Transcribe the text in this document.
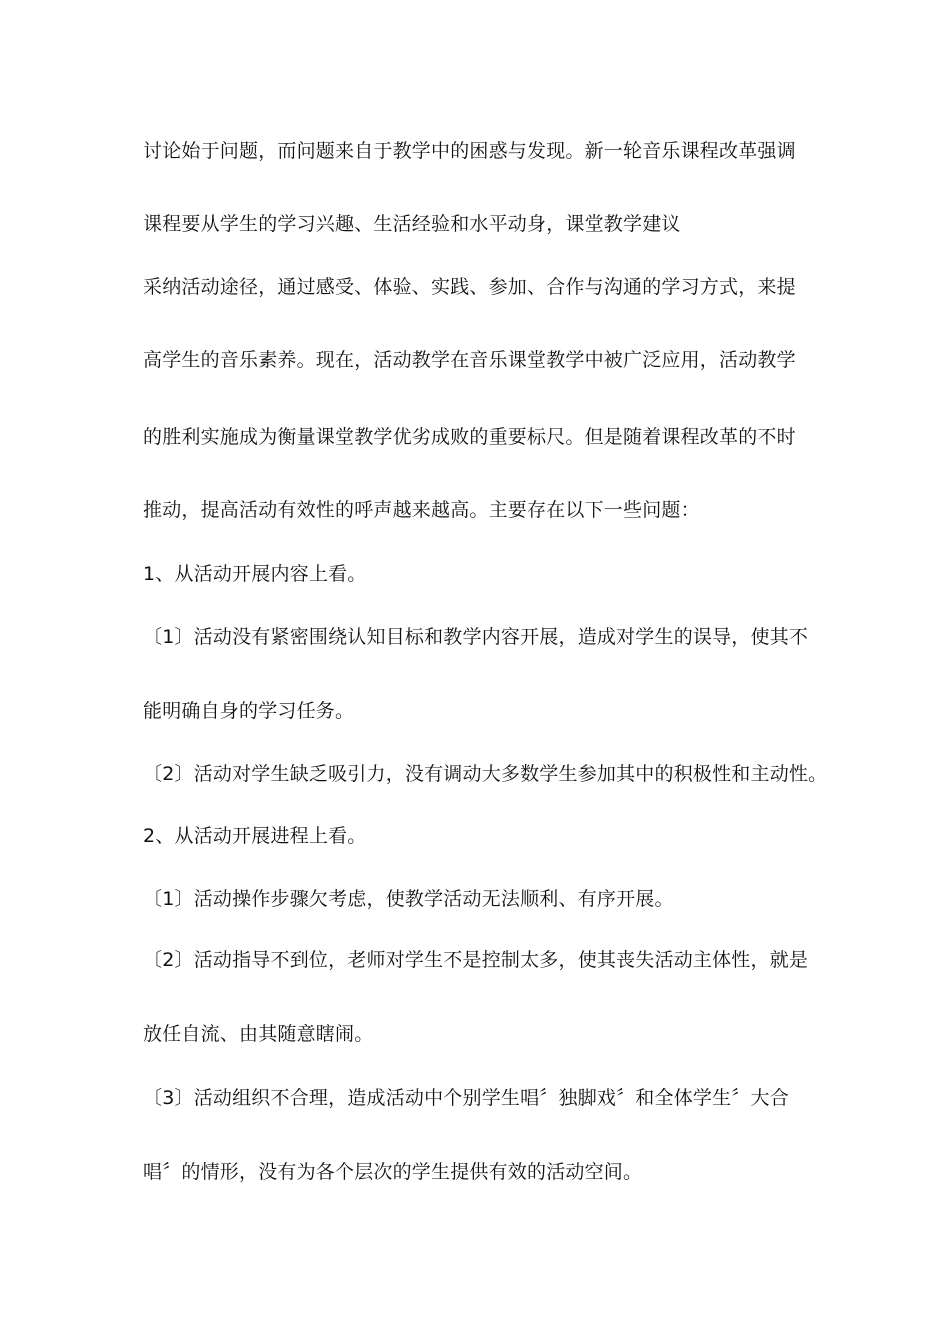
讨论始于问题，而问题来自于教学中的困惑与发现。新一轮音乐课程改革强调
课程要从学生的学习兴趣、生活经验和水平动身，课堂教学建议
采纳活动途径，通过感受、体验、实践、参加、合作与沟通的学习方式，来提
高学生的音乐素养。现在，活动教学在音乐课堂教学中被广泛应用，活动教学
的胜利实施成为衡量课堂教学优劣成败的重要标尺。但是随着课程改革的不时
推动，提高活动有效性的呼声越来越高。主要存在以下一些问题：
1、从活动开展内容上看。
〔1〕活动没有紧密围绕认知目标和教学内容开展，造成对学生的误导，使其不
能明确自身的学习任务。
〔2〕活动对学生缺乏吸引力，没有调动大多数学生参加其中的积极性和主动性。
2、从活动开展进程上看。
〔1〕活动操作步骤欠考虑，使教学活动无法顺利、有序开展。
〔2〕活动指导不到位，老师对学生不是控制太多，使其丧失活动主体性，就是
放任自流、由其随意瞎闹。
〔3〕活动组织不合理，造成活动中个别学生唱〞独脚戏〞和全体学生〞大合
唱〞的情形，没有为各个层次的学生提供有效的活动空间。
